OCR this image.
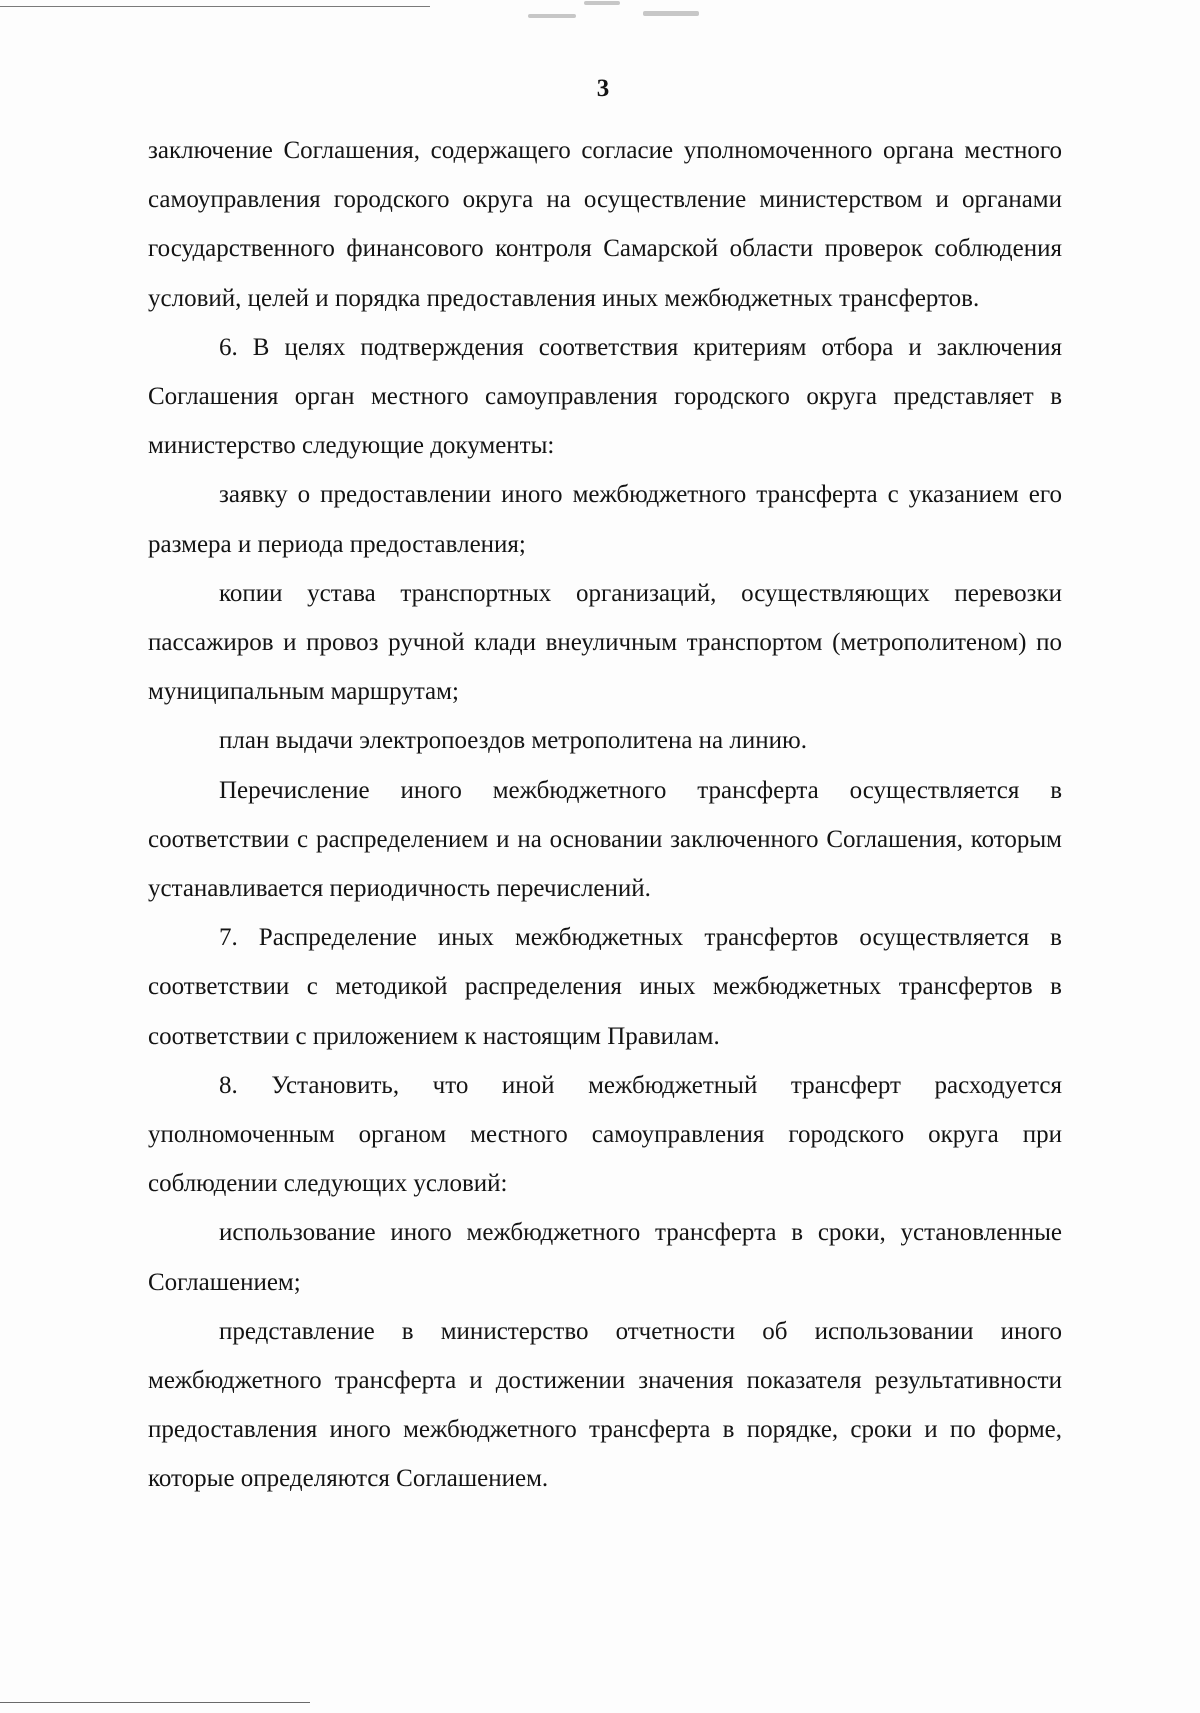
3

заключение Соглашения, содержащего согласие уполномоченного органа местного самоуправления городского округа на осуществление министерством и органами государственного финансового контроля Самарской области проверок соблюдения условий, целей и порядка предоставления иных межбюджетных трансфертов.

6. В целях подтверждения соответствия критериям отбора и заключения Соглашения орган местного самоуправления городского округа представляет в министерство следующие документы:

заявку о предоставлении иного межбюджетного трансферта с указанием его размера и периода предоставления;

копии устава транспортных организаций, осуществляющих перевозки пассажиров и провоз ручной клади внеуличным транспортом (метрополитеном) по муниципальным маршрутам;

план выдачи электропоездов метрополитена на линию.

Перечисление иного межбюджетного трансферта осуществляется в соответствии с распределением и на основании заключенного Соглашения, которым устанавливается периодичность перечислений.

7. Распределение иных межбюджетных трансфертов осуществляется в соответствии с методикой распределения иных межбюджетных трансфертов в соответствии с приложением к настоящим Правилам.

8. Установить, что иной межбюджетный трансферт расходуется уполномоченным органом местного самоуправления городского округа при соблюдении следующих условий:

использование иного межбюджетного трансферта в сроки, установленные Соглашением;

представление в министерство отчетности об использовании иного межбюджетного трансферта и достижении значения показателя результативности предоставления иного межбюджетного трансферта в порядке, сроки и по форме, которые определяются Соглашением.
